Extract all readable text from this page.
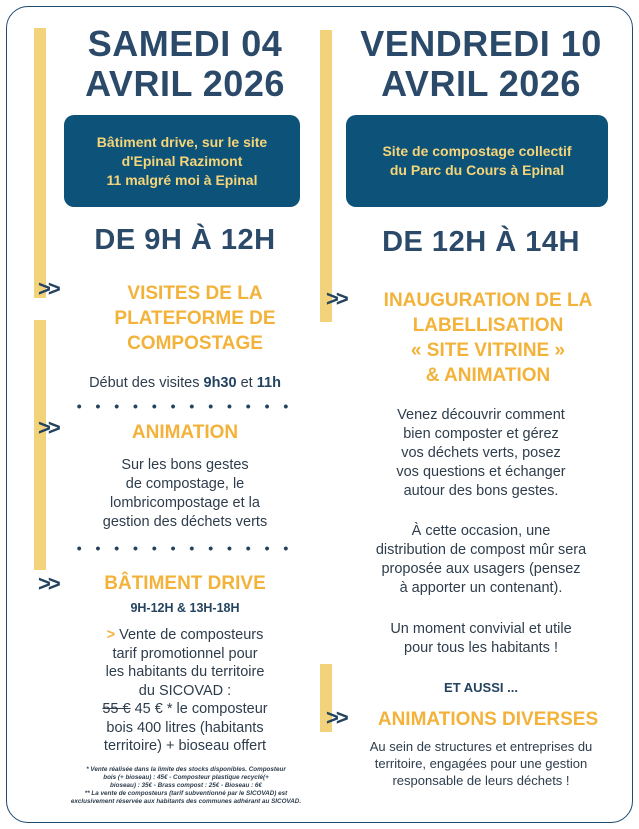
SAMEDI 04
AVRIL 2026
Bâtiment drive, sur le site
d'Epinal Razimont
11 malgré moi à Epinal
DE 9H À 12H
>>	VISITES DE LA
PLATEFORME DE
COMPOSTAGE
Début des visites 9h30 et 11h
• • • • • • • • • • • •
>>	ANIMATION
Sur les bons gestes
de compostage, le
lombricompostage et la
gestion des déchets verts
• • • • • • • • • • • •
>>	BÂTIMENT DRIVE
9H-12H & 13H-18H
> Vente de composteurs
tarif promotionnel pour
les habitants du territoire
du SICOVAD :
55 € 45 € * le composteur
bois 400 litres (habitants
territoire) + bioseau offert
* Vente réalisée dans la limite des stocks disponibles. Composteur
bois (+ bioseau) : 45€ - Composteur plastique recyclé(+
bioseau) : 35€ - Brass compost : 25€ - Bioseau : 6€
** La vente de composteurs (tarif subventionné par le SICOVAD) est
exclusivement réservée aux habitants des communes adhérant au SICOVAD.
VENDREDI 10
AVRIL 2026
Site de compostage collectif
du Parc du Cours à Epinal
DE 12H À 14H
>>	INAUGURATION DE LA
LABELLISATION
« SITE VITRINE »
& ANIMATION
Venez découvrir comment
bien composter et gérez
vos déchets verts, posez
vos questions et échanger
autour des bons gestes.
À cette occasion, une
distribution de compost mûr sera
proposée aux usagers (pensez
à apporter un contenant).
Un moment convivial et utile
pour tous les habitants !
ET AUSSI ...
>>	ANIMATIONS DIVERSES
Au sein de structures et entreprises du
territoire, engagées pour une gestion
responsable de leurs déchets !
